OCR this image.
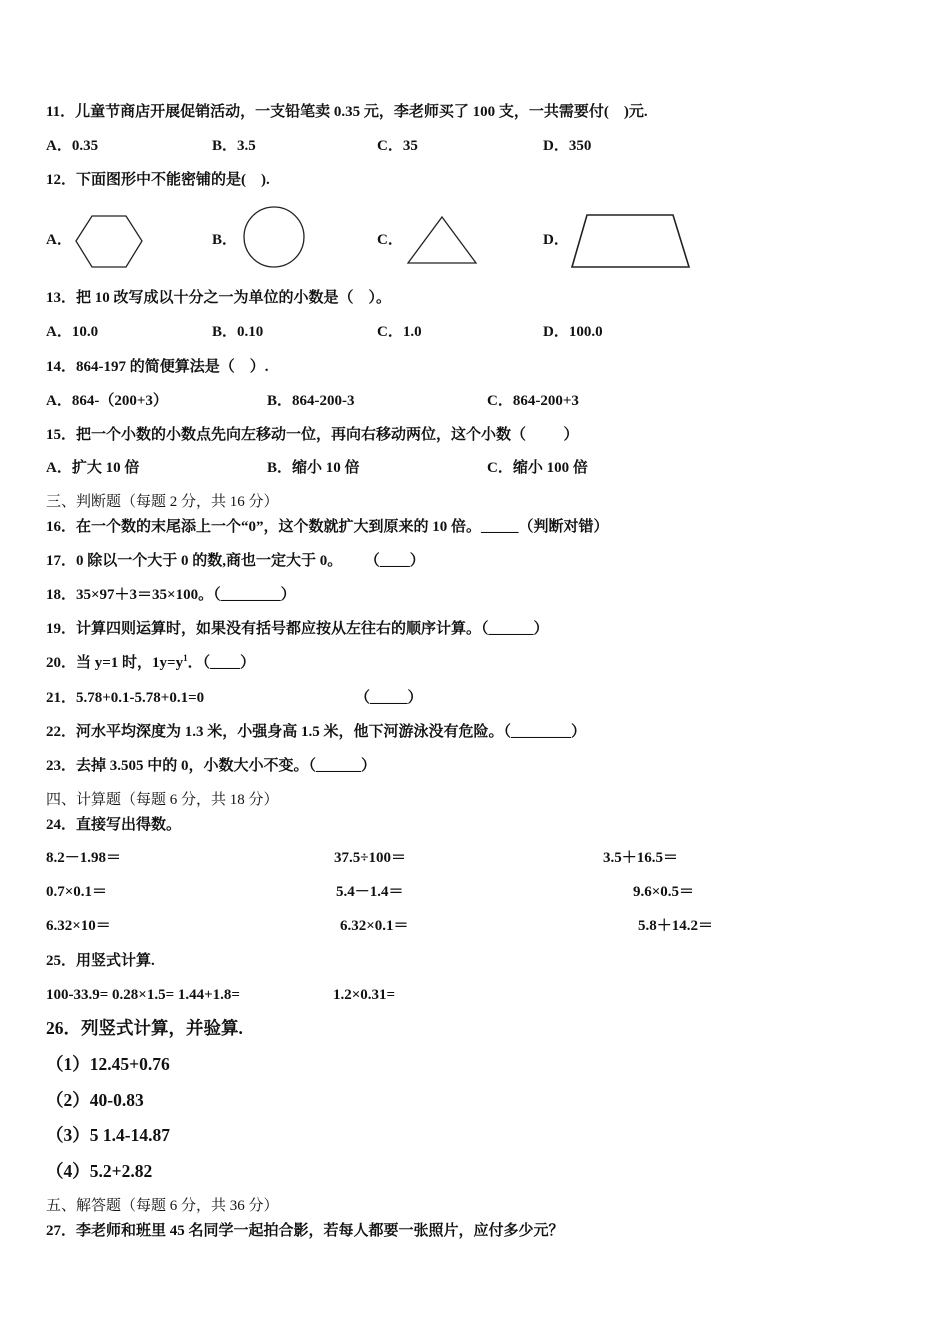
11．儿童节商店开展促销活动，一支铅笔卖 0.35 元，李老师买了 100 支，一共需要付(    )元.
A．0.35	B．3.5	C．35	D．350
12．下面图形中不能密铺的是(    ).
A．	B．	C．	D．
13．把 10 改写成以十分之一为单位的小数是（    ）。
A．10.0	B．0.10	C．1.0	D．100.0
14．864-197 的简便算法是（    ）.
A．864-（200+3）	B．864-200-3	C．864-200+3
15．把一个小数的小数点先向左移动一位，再向右移动两位，这个小数（          ）
A．扩大 10 倍	B．缩小 10 倍	C．缩小 100 倍
三、判断题（每题 2 分，共 16 分）
16．在一个数的末尾添上一个“0”，这个数就扩大到原来的 10 倍。_____（判断对错）
17．0 除以一个大于 0 的数,商也一定大于 0。      （____）
18．35×97＋3＝35×100。（________）
19．计算四则运算时，如果没有括号都应按从左往右的顺序计算。（______）
20．当 y=1 时，$1y=y^1$．（____）
21．5.78+0.1-5.78+0.1=0	（_____）
22．河水平均深度为 1.3 米，小强身高 1.5 米，他下河游泳没有危险。（________）
23．去掉 3.505 中的 0，小数大小不变。（______）
四、计算题（每题 6 分，共 18 分）
24．直接写出得数。
8.2－1.98＝	37.5÷100＝	3.5＋16.5＝
0.7×0.1＝	5.4－1.4＝	9.6×0.5＝
6.32×10＝	6.32×0.1＝	5.8＋14.2＝
25．用竖式计算.
100-33.9= 0.28×1.5= 1.44+1.8=	1.2×0.31=
26．列竖式计算，并验算.
（1）12.45+0.76
（2）40-0.83
（3）5 1.4-14.87
（4）5.2+2.82
五、解答题（每题 6 分，共 36 分）
27．李老师和班里 45 名同学一起拍合影，若每人都要一张照片，应付多少元？
